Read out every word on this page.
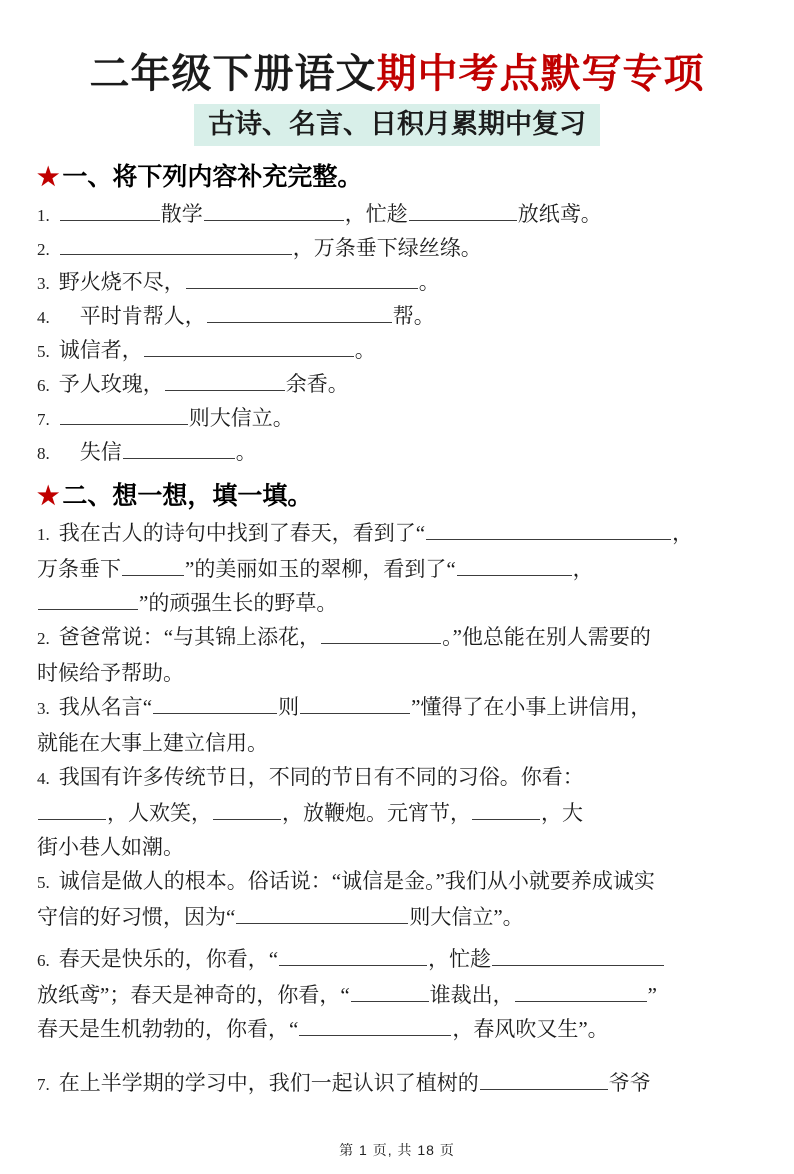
二年级下册语文期中考点默写专项
古诗、名言、日积月累期中复习
★ 一、将下列内容补充完整。
1.	散学	，忙趁	放纸鸢。
2.	，万条垂下绿丝绦。
3. 野火烧不尽，	。
4.　平时肯帮人，	帮。
5. 诚信者，	。
6. 予人玫瑰，	余香。
7.	则大信立。
8.　失信	。
★ 二、想一想，填一填。
1. 我在古人的诗句中找到了春天，看到了“	，
万条垂下	”的美丽如玉的翠柳，看到了“	，
”的顽强生长的野草。
2. 爸爸常说：“与其锦上添花，	。”他总能在别人需要的
时候给予帮助。
3. 我从名言“	则	”懂得了在小事上讲信用，
就能在大事上建立信用。
4. 我国有许多传统节日，不同的节日有不同的习俗。你看：
，人欢笑，	，放鞭炮。元宵节，	，大
街小巷人如潮。
5. 诚信是做人的根本。俗话说：“诚信是金。”我们从小就要养成诚实
守信的好习惯，因为“	则大信立”。
6. 春天是快乐的，你看，“	，忙趁
放纸鸢”；春天是神奇的，你看，“	谁裁出，	”
春天是生机勃勃的，你看，“	，春风吹又生”。
7. 在上半学期的学习中，我们一起认识了植树的	爷爷
第 1 页, 共 18 页
